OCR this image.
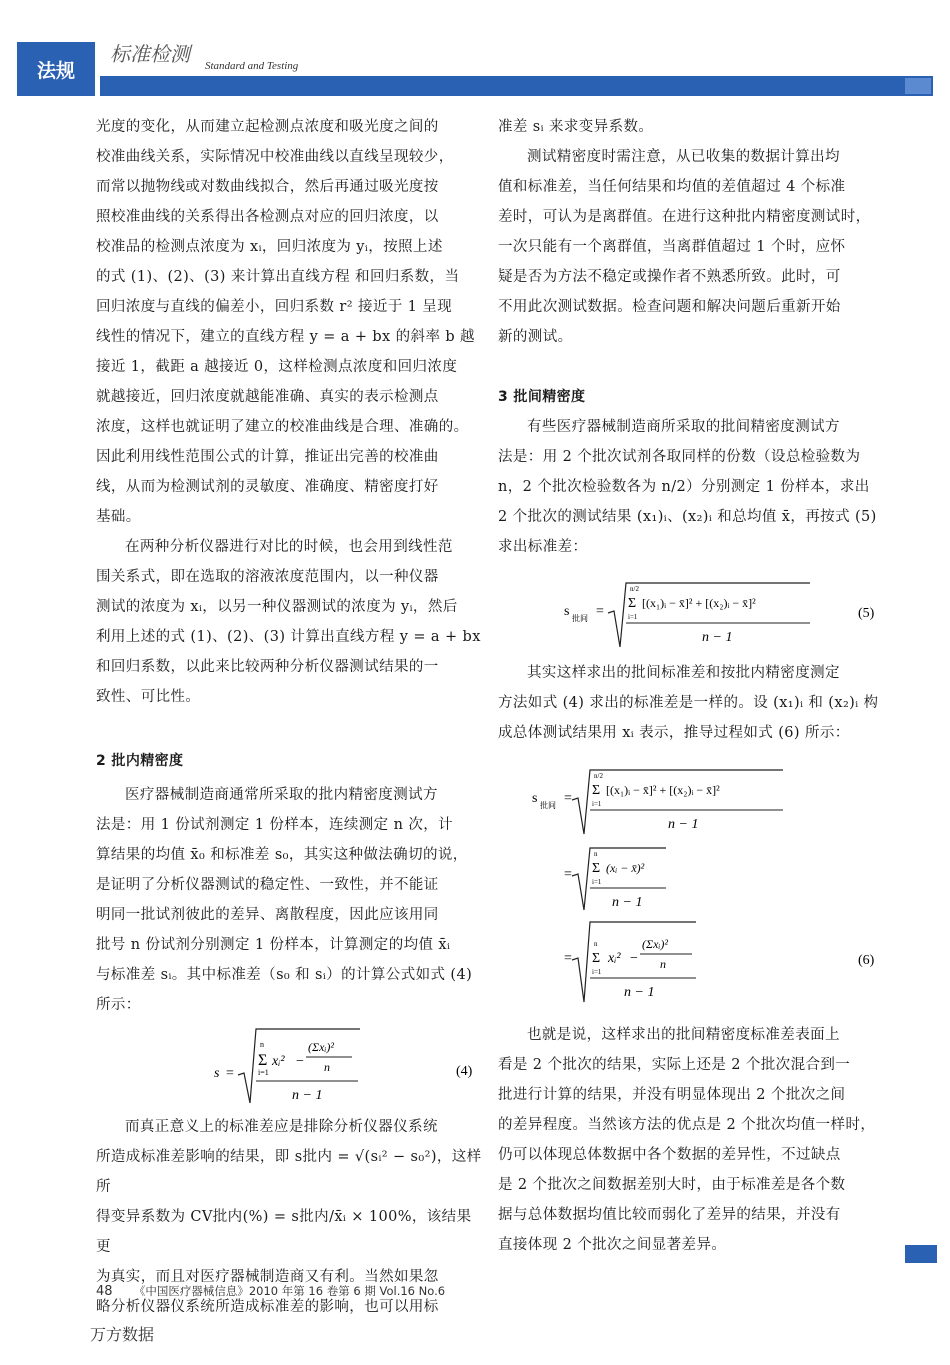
法规
标准检测 Standard and Testing
光度的变化，从而建立起检测点浓度和吸光度之间的
校准曲线关系，实际情况中校准曲线以直线呈现较少，
而常以抛物线或对数曲线拟合，然后再通过吸光度按
照校准曲线的关系得出各检测点对应的回归浓度，以
校准品的检测点浓度为 xᵢ，回归浓度为 yᵢ，按照上述
的式 (1)、(2)、(3) 来计算出直线方程 和回归系数，当
回归浓度与直线的偏差小，回归系数 r² 接近于 1 呈现
线性的情况下，建立的直线方程 y = a + bx 的斜率 b 越
接近 1，截距 a 越接近 0，这样检测点浓度和回归浓度
就越接近，回归浓度就越能准确、真实的表示检测点
浓度，这样也就证明了建立的校准曲线是合理、准确的。
因此利用线性范围公式的计算，推证出完善的校准曲
线，从而为检测试剂的灵敏度、准确度、精密度打好
基础。
在两种分析仪器进行对比的时候，也会用到线性范
围关系式，即在选取的溶液浓度范围内，以一种仪器
测试的浓度为 xᵢ，以另一种仪器测试的浓度为 yᵢ，然后
利用上述的式 (1)、(2)、(3) 计算出直线方程 y = a + bx
和回归系数，以此来比较两种分析仪器测试结果的一
致性、可比性。
2 批内精密度
医疗器械制造商通常所采取的批内精密度测试方
法是：用 1 份试剂测定 1 份样本，连续测定 n 次，计
算结果的均值 x̄₀ 和标准差 s₀，其实这种做法确切的说，
是证明了分析仪器测试的稳定性、一致性，并不能证
明同一批试剂彼此的差异、离散程度，因此应该用同
批号 n 份试剂分别测定 1 份样本，计算测定的均值 x̄ᵢ
与标准差 sᵢ。其中标准差（s₀ 和 sᵢ）的计算公式如式 (4)
所示：
s =
Σ
n
i=1
xᵢ² −
(Σxᵢ)²
n
n − 1
(4)
而真正意义上的标准差应是排除分析仪器仪系统
所造成标准差影响的结果，即 s批内 = √(sᵢ² − s₀²)，这样所
得变异系数为 CV批内(%) = s批内/x̄ᵢ × 100%，该结果更
为真实，而且对医疗器械制造商又有利。当然如果忽
略分析仪器仪系统所造成标准差的影响，也可以用标
准差 sᵢ 来求变异系数。
测试精密度时需注意，从已收集的数据计算出均
值和标准差，当任何结果和均值的差值超过 4 个标准
差时，可认为是离群值。在进行这种批内精密度测试时，
一次只能有一个离群值，当离群值超过 1 个时，应怀
疑是否为方法不稳定或操作者不熟悉所致。此时，可
不用此次测试数据。检查问题和解决问题后重新开始
新的测试。
3 批间精密度
有些医疗器械制造商所采取的批间精密度测试方
法是：用 2 个批次试剂各取同样的份数（设总检验数为
n，2 个批次检验数各为 n/2）分别测定 1 份样本，求出
2 个批次的测试结果 (x₁)ᵢ、(x₂)ᵢ 和总均值 x̄，再按式 (5)
求出标准差：
s 批间 =
n/2
Σ [(x₁)ᵢ − x̄]² + [(x₂)ᵢ − x̄]²
i=1
n − 1
(5)
其实这样求出的批间标准差和按批内精密度测定
方法如式 (4) 求出的标准差是一样的。设 (x₁)ᵢ 和 (x₂)ᵢ 构
成总体测试结果用 xᵢ 表示，推导过程如式 (6) 所示：
s 批间 =
n/2
Σ [(x₁)ᵢ − x̄]² + [(x₂)ᵢ − x̄]²
i=1
n − 1
=
n
Σ (xᵢ − x̄)²
i=1
n − 1
=
n
Σ xᵢ² −
(Σxᵢ)²
n
i=1
n − 1
(6)
也就是说，这样求出的批间精密度标准差表面上
看是 2 个批次的结果，实际上还是 2 个批次混合到一
批进行计算的结果，并没有明显体现出 2 个批次之间
的差异程度。当然该方法的优点是 2 个批次均值一样时，
仍可以体现总体数据中各个数据的差异性，不过缺点
是 2 个批次之间数据差别大时，由于标准差是各个数
据与总体数据均值比较而弱化了差异的结果，并没有
直接体现 2 个批次之间显著差异。
48 《中国医疗器械信息》2010 年第 16 卷第 6 期 Vol.16 No.6
万方数据
